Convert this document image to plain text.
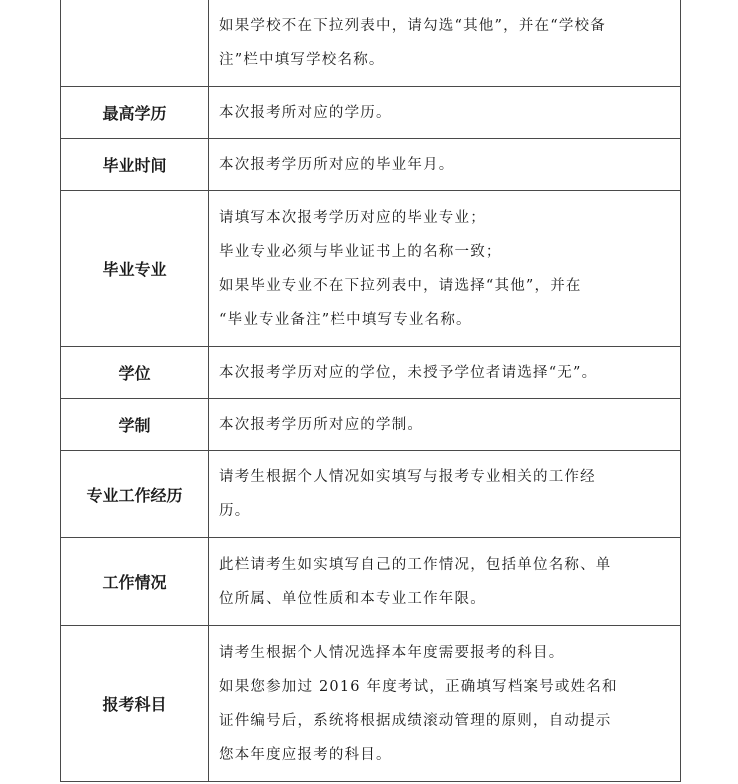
	如果学校不在下拉列表中，请勾选“其他”，并在“学校备
注”栏中填写学校名称。

最高学历	本次报考所对应的学历。

毕业时间	本次报考学历所对应的毕业年月。

毕业专业	请填写本次报考学历对应的毕业专业；
毕业专业必须与毕业证书上的名称一致；
如果毕业专业不在下拉列表中，请选择“其他”，并在
“毕业专业备注”栏中填写专业名称。

学位	本次报考学历对应的学位，未授予学位者请选择“无”。

学制	本次报考学历所对应的学制。

专业工作经历	请考生根据个人情况如实填写与报考专业相关的工作经
历。

工作情况	此栏请考生如实填写自己的工作情况，包括单位名称、单
位所属、单位性质和本专业工作年限。

报考科目	请考生根据个人情况选择本年度需要报考的科目。
如果您参加过 2016 年度考试，正确填写档案号或姓名和
证件编号后，系统将根据成绩滚动管理的原则，自动提示
您本年度应报考的科目。
